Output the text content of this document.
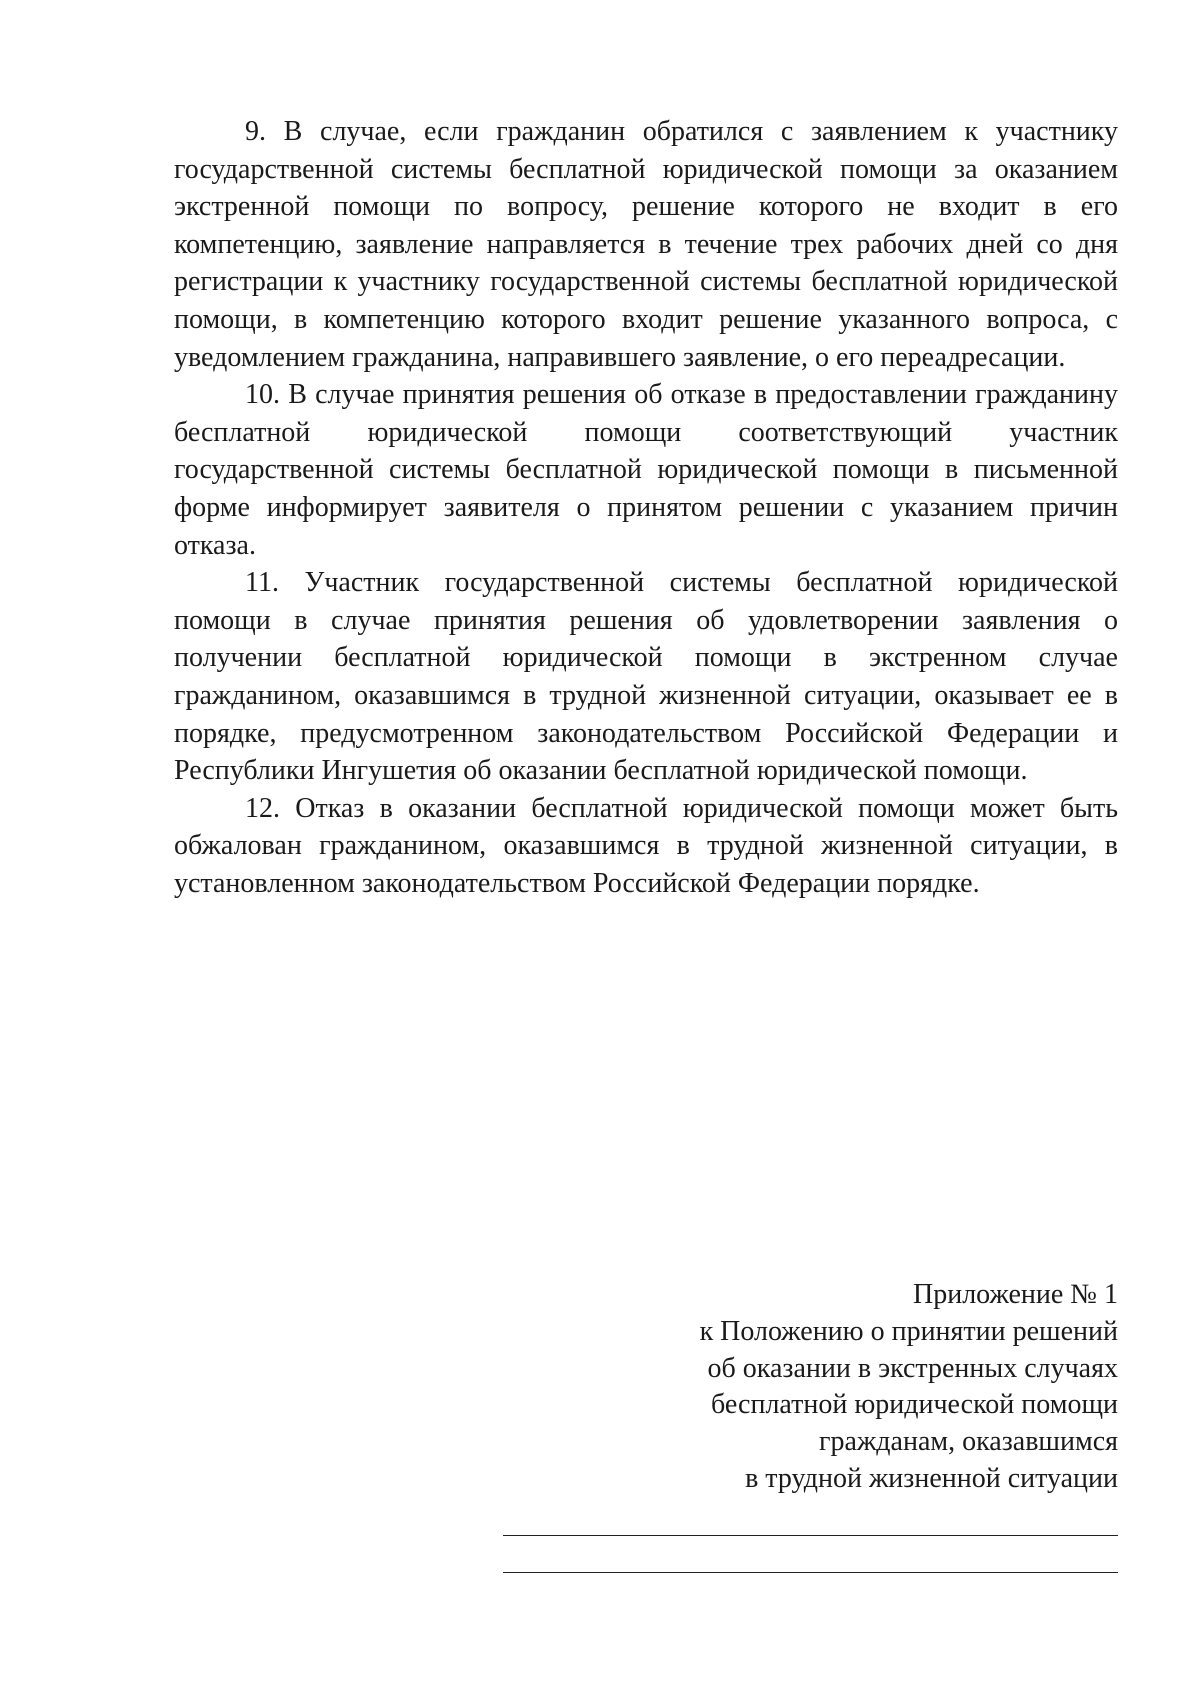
9. В случае, если гражданин обратился с заявлением к участнику государственной системы бесплатной юридической помощи за оказанием экстренной помощи по вопросу, решение которого не входит в его компетенцию, заявление направляется в течение трех рабочих дней со дня регистрации к участнику государственной системы бесплатной юридической помощи, в компетенцию которого входит решение указанного вопроса, с уведомлением гражданина, направившего заявление, о его переадресации.

10. В случае принятия решения об отказе в предоставлении гражданину бесплатной юридической помощи соответствующий участник государственной системы бесплатной юридической помощи в письменной форме информирует заявителя о принятом решении с указанием причин отказа.

11. Участник государственной системы бесплатной юридической помощи в случае принятия решения об удовлетворении заявления о получении бесплатной юридической помощи в экстренном случае гражданином, оказавшимся в трудной жизненной ситуации, оказывает ее в порядке, предусмотренном законодательством Российской Федерации и Республики Ингушетия об оказании бесплатной юридической помощи.

12. Отказ в оказании бесплатной юридической помощи может быть обжалован гражданином, оказавшимся в трудной жизненной ситуации, в установленном законодательством Российской Федерации порядке.

Приложение № 1
к Положению о принятии решений
об оказании в экстренных случаях
бесплатной юридической помощи
гражданам, оказавшимся
в трудной жизненной ситуации
